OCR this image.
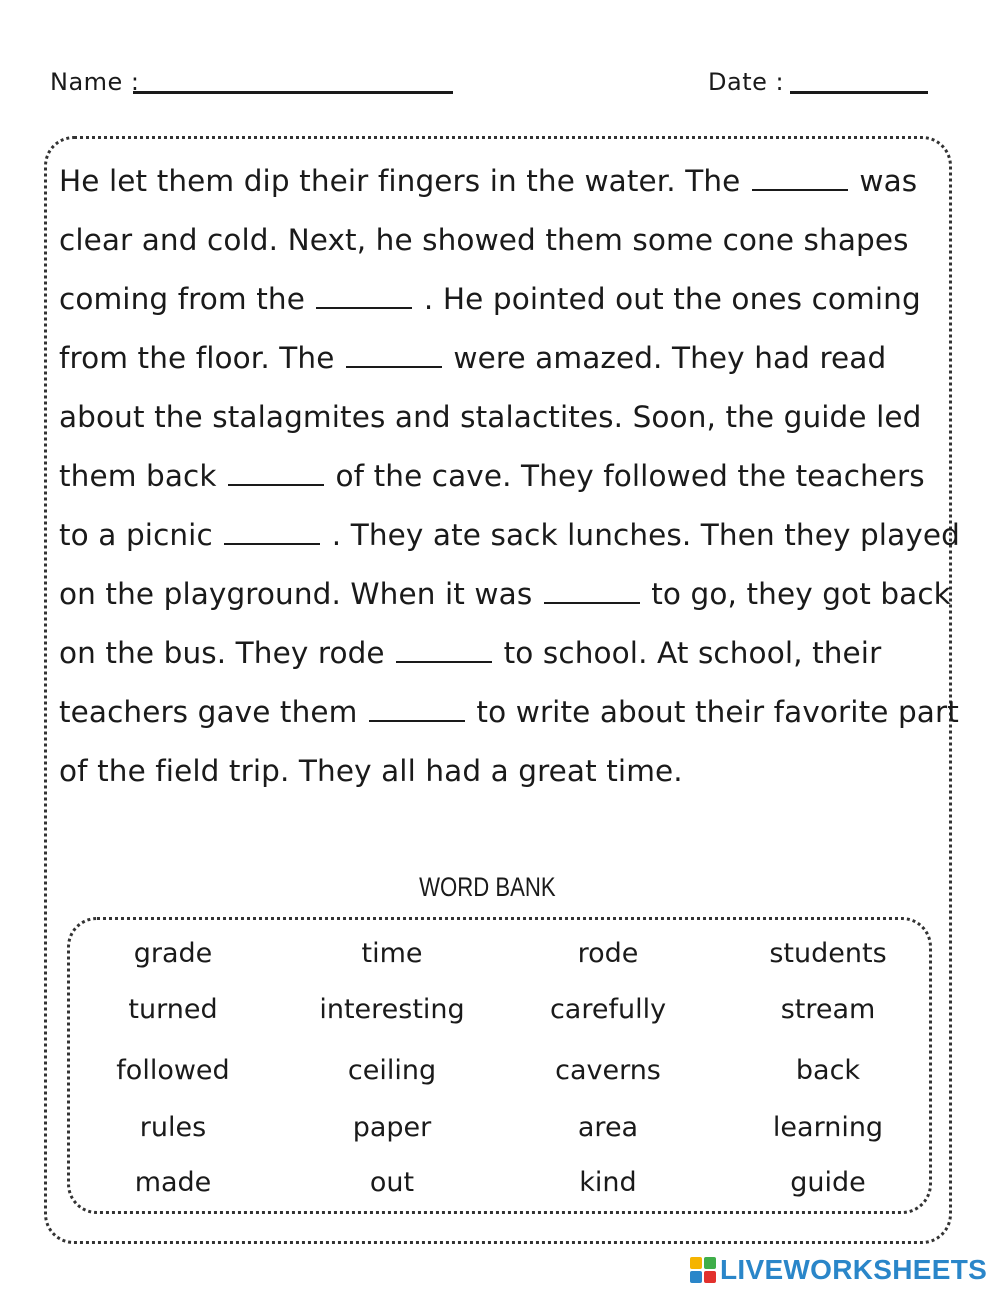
Name :	Date :
He let them dip their fingers in the water. The	was
clear and cold. Next, he showed them some cone shapes
coming from the	. He pointed out the ones coming
from the floor. The	were amazed. They had read
about the stalagmites and stalactites. Soon, the guide led
them back	of the cave. They followed the teachers
to a picnic	. They ate sack lunches. Then they played
on the playground. When it was	to go, they got back
on the bus. They rode	to school. At school, their
teachers gave them	to write about their favorite part
of the field trip. They all had a great time.
WORD BANK
grade	time	rode	students
turned	interesting	carefully	stream
followed	ceiling	caverns	back
rules	paper	area	learning
made	out	kind	guide
LIVEWORKSHEETS
